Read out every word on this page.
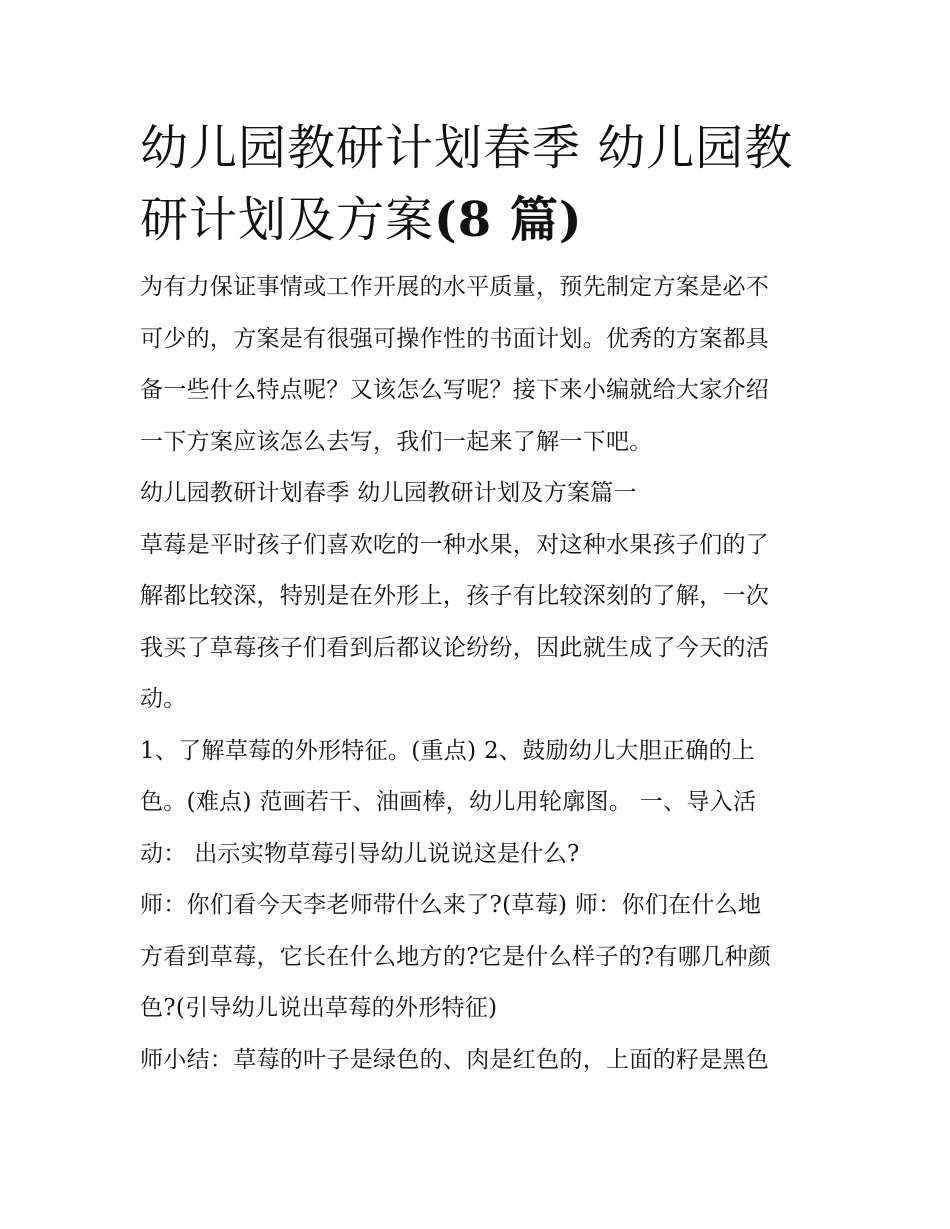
幼儿园教研计划春季 幼儿园教
研计划及方案(8 篇)

为有力保证事情或工作开展的水平质量，预先制定方案是必不
可少的，方案是有很强可操作性的书面计划。优秀的方案都具
备一些什么特点呢？又该怎么写呢？接下来小编就给大家介绍
一下方案应该怎么去写，我们一起来了解一下吧。

幼儿园教研计划春季 幼儿园教研计划及方案篇一

草莓是平时孩子们喜欢吃的一种水果，对这种水果孩子们的了
解都比较深，特别是在外形上，孩子有比较深刻的了解，一次
我买了草莓孩子们看到后都议论纷纷，因此就生成了今天的活
动。

1、了解草莓的外形特征。(重点) 2、鼓励幼儿大胆正确的上
色。(难点) 范画若干、油画棒，幼儿用轮廓图。 一、导入活
动： 出示实物草莓引导幼儿说说这是什么?

师：你们看今天李老师带什么来了?(草莓) 师：你们在什么地
方看到草莓，它长在什么地方的?它是什么样子的?有哪几种颜
色?(引导幼儿说出草莓的外形特征)

师小结：草莓的叶子是绿色的、肉是红色的，上面的籽是黑色
